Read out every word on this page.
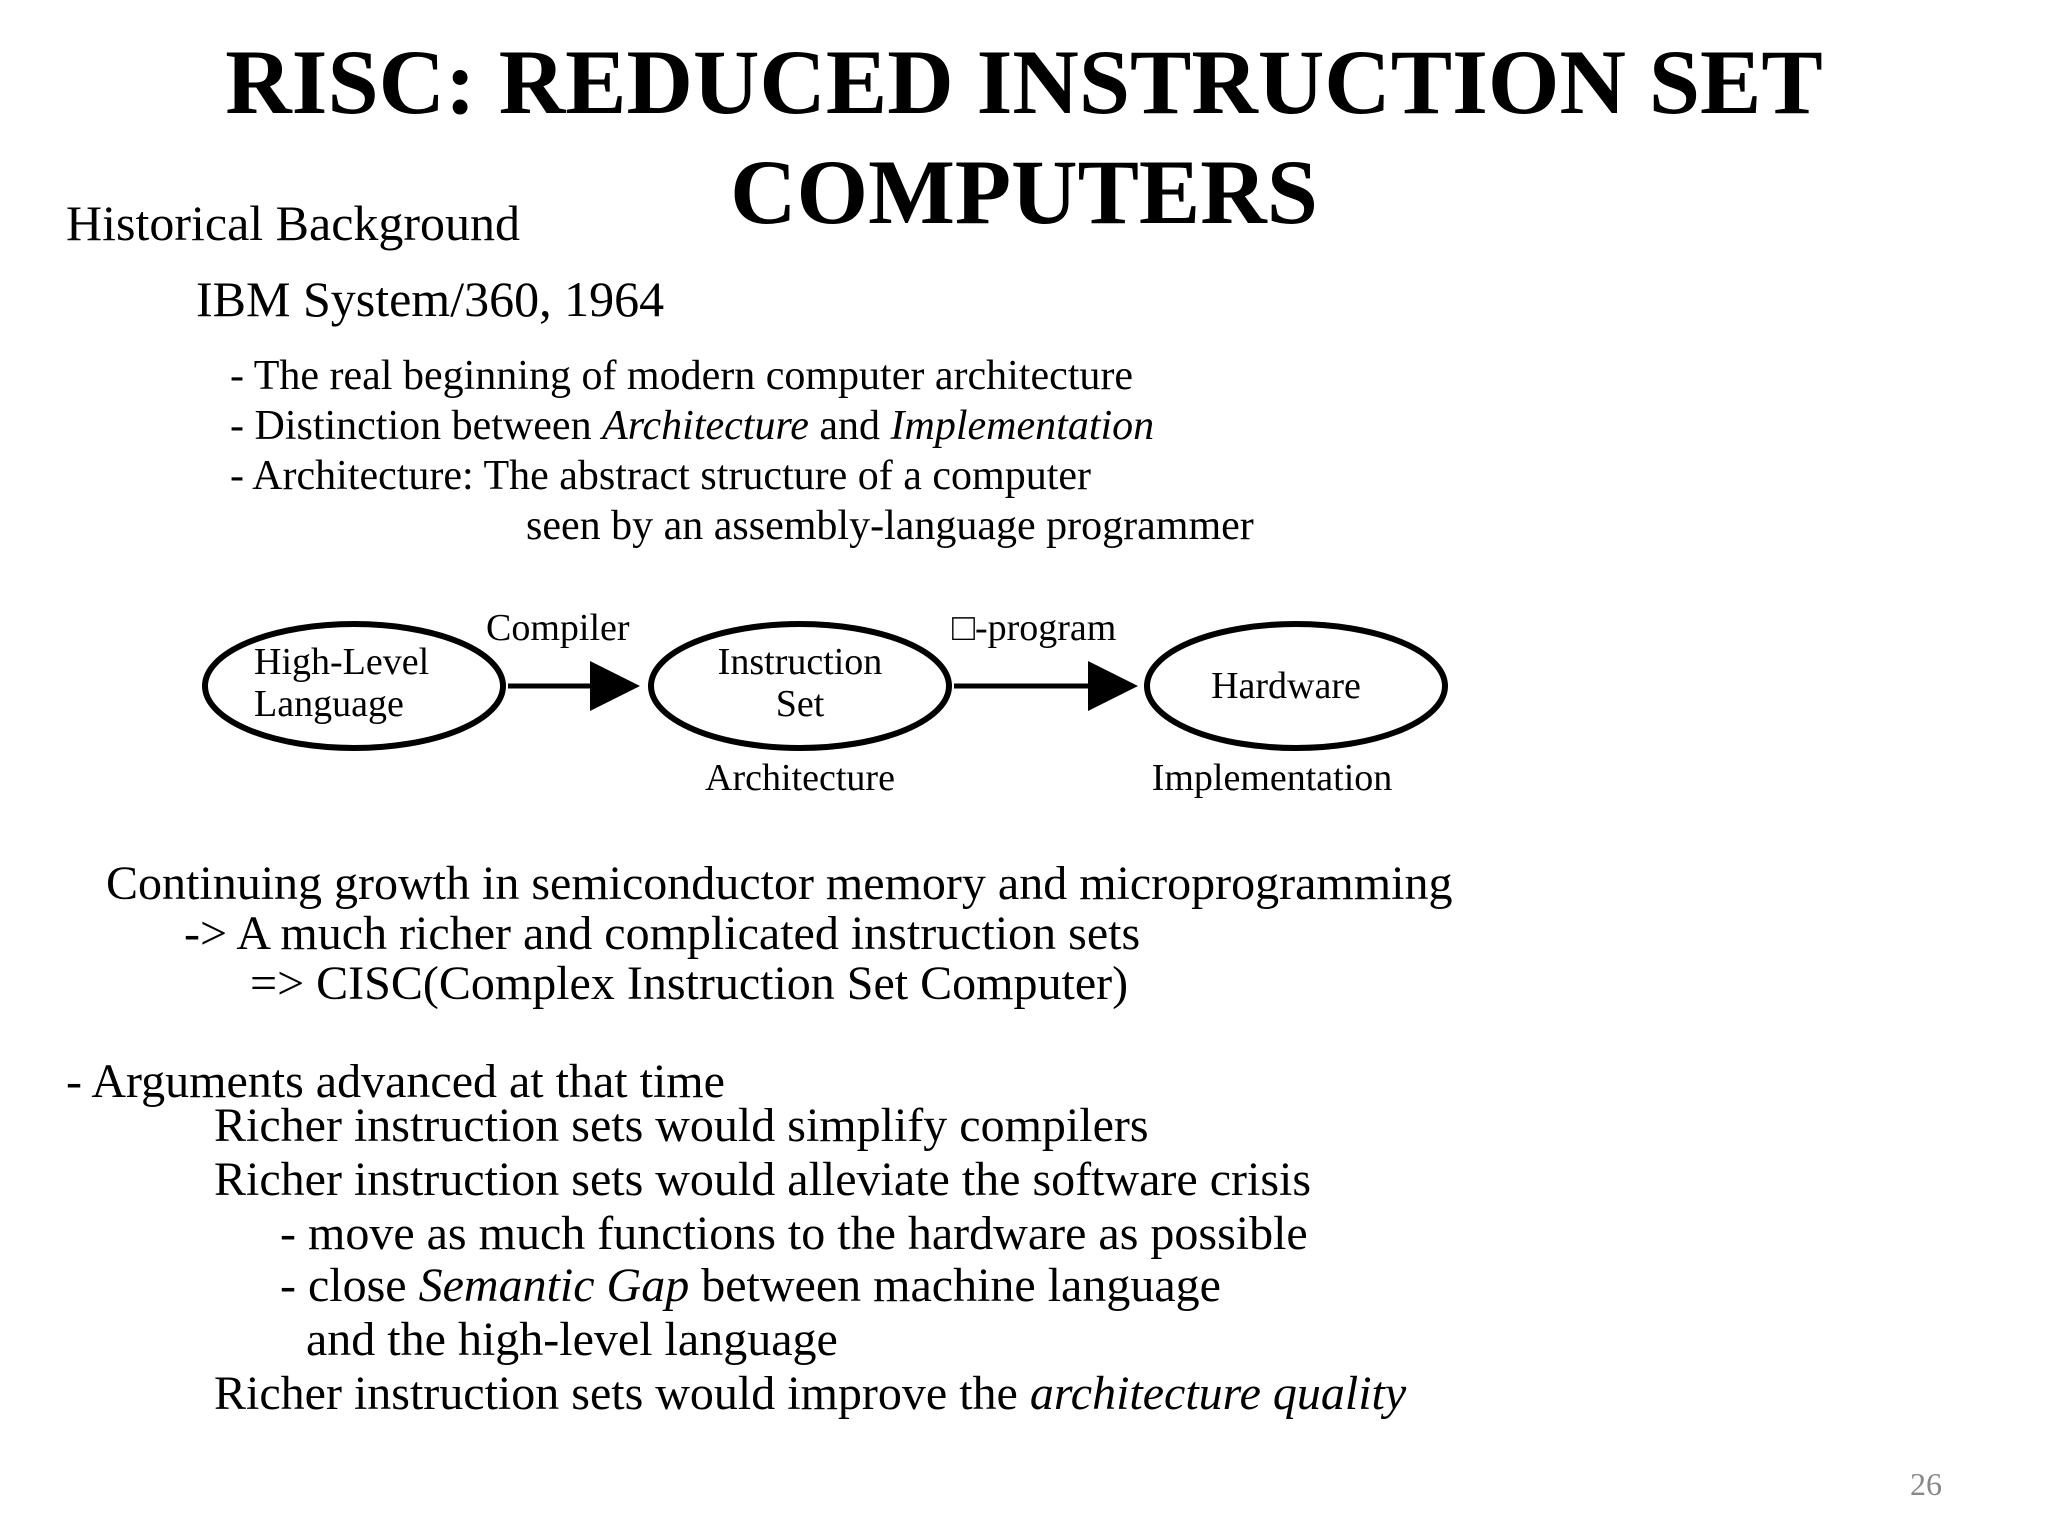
RISC: REDUCED INSTRUCTION SET
COMPUTERS
Historical Background
IBM System/360, 1964
- The real beginning of modern computer architecture
- Distinction between Architecture and Implementation
- Architecture: The abstract structure of a computer
seen by an assembly-language programmer
High-Level
Language
Compiler
Instruction
Set
□-program
Hardware
Architecture	Implementation
Continuing growth in semiconductor memory and microprogramming
-> A much richer and complicated instruction sets
=> CISC(Complex Instruction Set Computer)
- Arguments advanced at that time
Richer instruction sets would simplify compilers
Richer instruction sets would alleviate the software crisis
- move as much functions to the hardware as possible
- close Semantic Gap between machine language
and the high-level language
Richer instruction sets would improve the architecture quality
26
